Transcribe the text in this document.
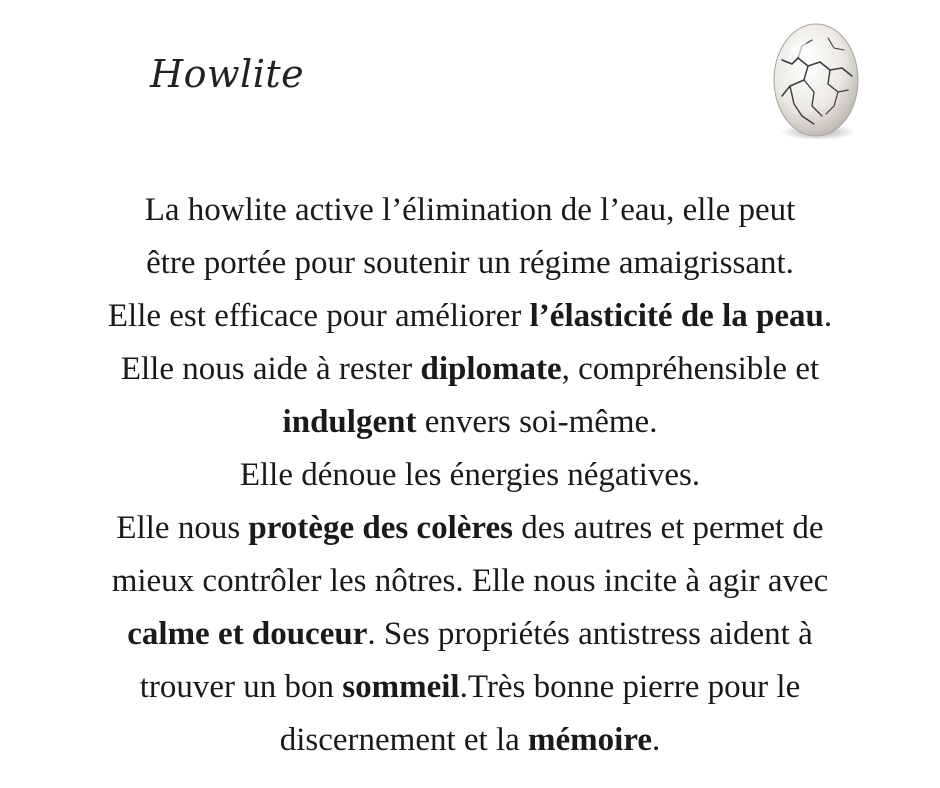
Howlite
La howlite active l’élimination de l’eau, elle peut
être portée pour soutenir un régime amaigrissant.
Elle est efficace pour améliorer l’élasticité de la peau.
Elle nous aide à rester diplomate, compréhensible et
indulgent envers soi-même.
Elle dénoue les énergies négatives.
Elle nous protège des colères des autres et permet de
mieux contrôler les nôtres. Elle nous incite à agir avec
calme et douceur. Ses propriétés antistress aident à
trouver un bon sommeil.Très bonne pierre pour le
discernement et la mémoire.
